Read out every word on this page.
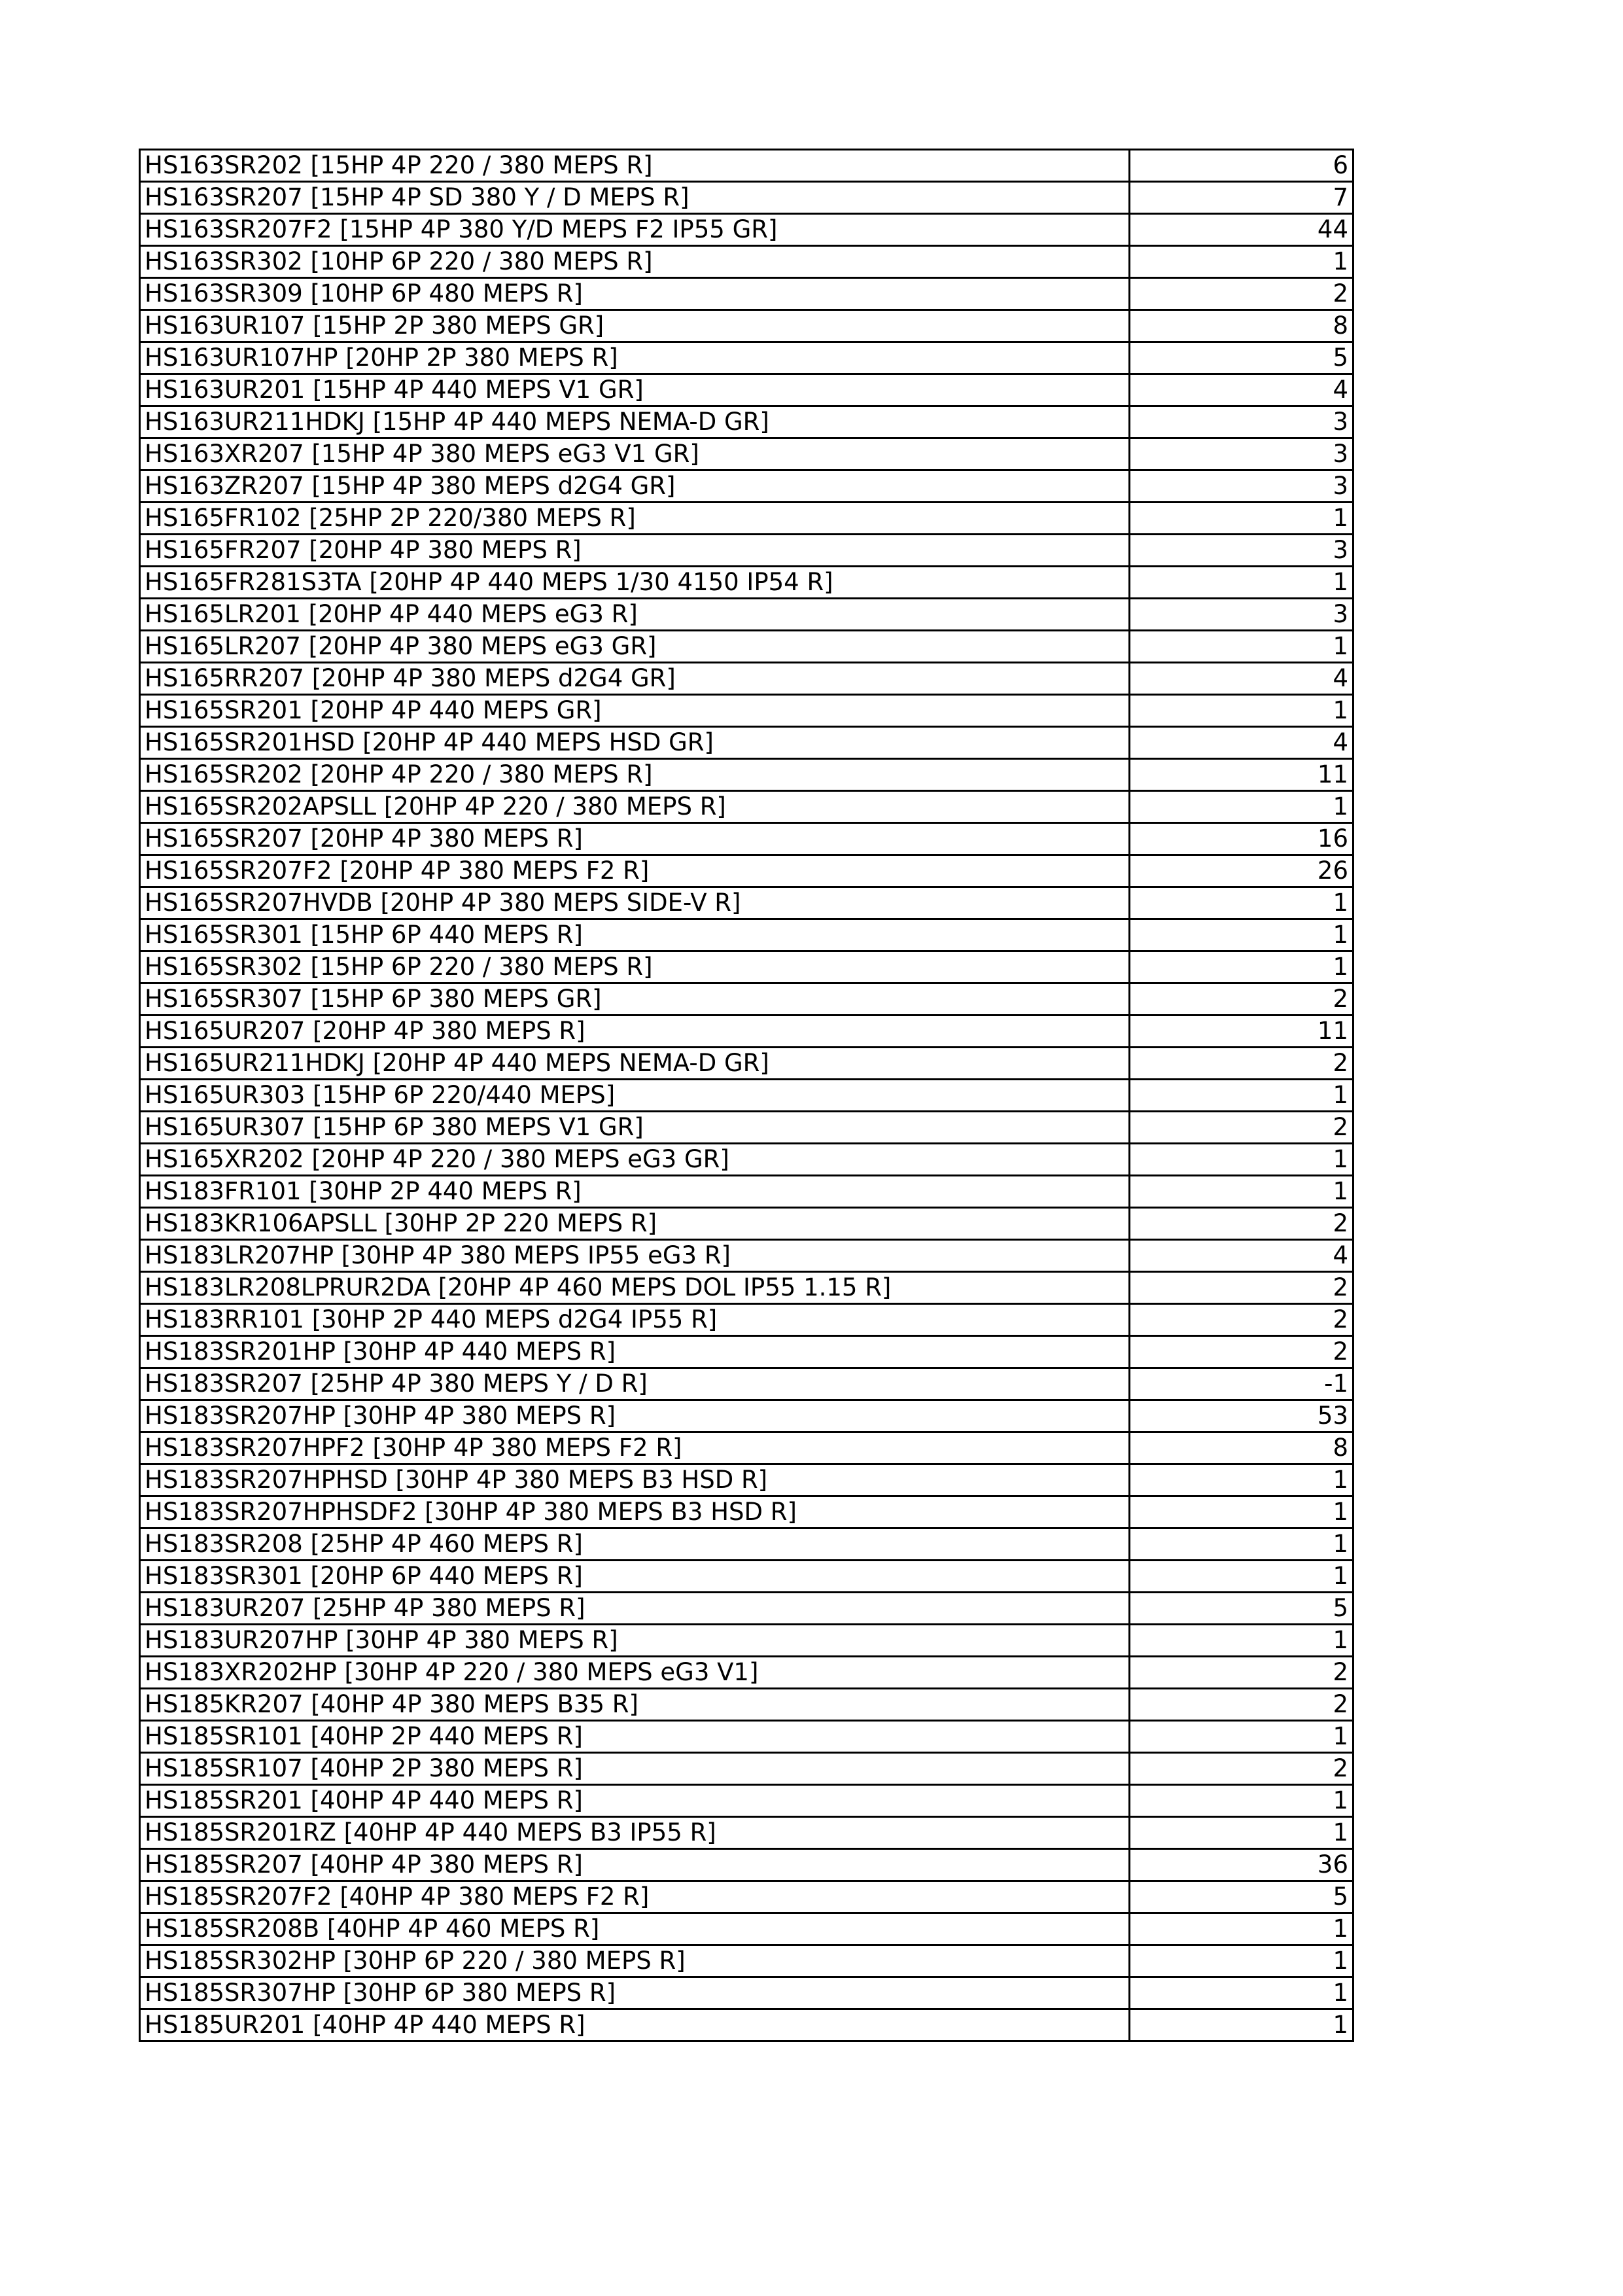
HS163SR202 [15HP 4P 220 / 380 MEPS R]	6
HS163SR207 [15HP 4P SD 380 Y / D MEPS R]	7
HS163SR207F2 [15HP 4P 380 Y/D MEPS F2 IP55 GR]	44
HS163SR302 [10HP 6P 220 / 380 MEPS R]	1
HS163SR309 [10HP 6P 480 MEPS R]	2
HS163UR107 [15HP 2P 380 MEPS GR]	8
HS163UR107HP [20HP 2P 380 MEPS R]	5
HS163UR201 [15HP 4P 440 MEPS V1 GR]	4
HS163UR211HDKJ [15HP 4P 440 MEPS NEMA-D GR]	3
HS163XR207 [15HP 4P 380 MEPS eG3 V1 GR]	3
HS163ZR207 [15HP 4P 380 MEPS d2G4 GR]	3
HS165FR102 [25HP 2P 220/380 MEPS R]	1
HS165FR207 [20HP 4P 380 MEPS R]	3
HS165FR281S3TA [20HP 4P 440 MEPS 1/30 4150 IP54 R]	1
HS165LR201 [20HP 4P 440 MEPS eG3 R]	3
HS165LR207 [20HP 4P 380 MEPS eG3 GR]	1
HS165RR207 [20HP 4P 380 MEPS d2G4 GR]	4
HS165SR201 [20HP 4P 440 MEPS GR]	1
HS165SR201HSD [20HP 4P 440 MEPS HSD GR]	4
HS165SR202 [20HP 4P 220 / 380 MEPS R]	11
HS165SR202APSLL [20HP 4P 220 / 380 MEPS R]	1
HS165SR207 [20HP 4P 380 MEPS R]	16
HS165SR207F2 [20HP 4P 380 MEPS F2 R]	26
HS165SR207HVDB [20HP 4P 380 MEPS SIDE-V R]	1
HS165SR301 [15HP 6P 440 MEPS R]	1
HS165SR302 [15HP 6P 220 / 380 MEPS R]	1
HS165SR307 [15HP 6P 380 MEPS GR]	2
HS165UR207 [20HP 4P 380 MEPS R]	11
HS165UR211HDKJ [20HP 4P 440 MEPS NEMA-D GR]	2
HS165UR303 [15HP 6P 220/440 MEPS]	1
HS165UR307 [15HP 6P 380 MEPS V1 GR]	2
HS165XR202 [20HP 4P 220 / 380 MEPS eG3 GR]	1
HS183FR101 [30HP 2P 440 MEPS R]	1
HS183KR106APSLL [30HP 2P 220 MEPS R]	2
HS183LR207HP [30HP 4P 380 MEPS IP55 eG3 R]	4
HS183LR208LPRUR2DA [20HP 4P 460 MEPS DOL IP55 1.15 R]	2
HS183RR101 [30HP 2P 440 MEPS d2G4 IP55 R]	2
HS183SR201HP [30HP 4P 440 MEPS R]	2
HS183SR207 [25HP 4P 380 MEPS Y / D R]	-1
HS183SR207HP [30HP 4P 380 MEPS R]	53
HS183SR207HPF2 [30HP 4P 380 MEPS F2 R]	8
HS183SR207HPHSD [30HP 4P 380 MEPS B3 HSD R]	1
HS183SR207HPHSDF2 [30HP 4P 380 MEPS B3 HSD R]	1
HS183SR208 [25HP 4P 460 MEPS R]	1
HS183SR301 [20HP 6P 440 MEPS R]	1
HS183UR207 [25HP 4P 380 MEPS R]	5
HS183UR207HP [30HP 4P 380 MEPS R]	1
HS183XR202HP [30HP 4P 220 / 380 MEPS eG3 V1]	2
HS185KR207 [40HP 4P 380 MEPS B35 R]	2
HS185SR101 [40HP 2P 440 MEPS R]	1
HS185SR107 [40HP 2P 380 MEPS R]	2
HS185SR201 [40HP 4P 440 MEPS R]	1
HS185SR201RZ [40HP 4P 440 MEPS B3 IP55 R]	1
HS185SR207 [40HP 4P 380 MEPS R]	36
HS185SR207F2 [40HP 4P 380 MEPS F2 R]	5
HS185SR208B [40HP 4P 460 MEPS R]	1
HS185SR302HP [30HP 6P 220 / 380 MEPS R]	1
HS185SR307HP [30HP 6P 380 MEPS R]	1
HS185UR201 [40HP 4P 440 MEPS R]	1
